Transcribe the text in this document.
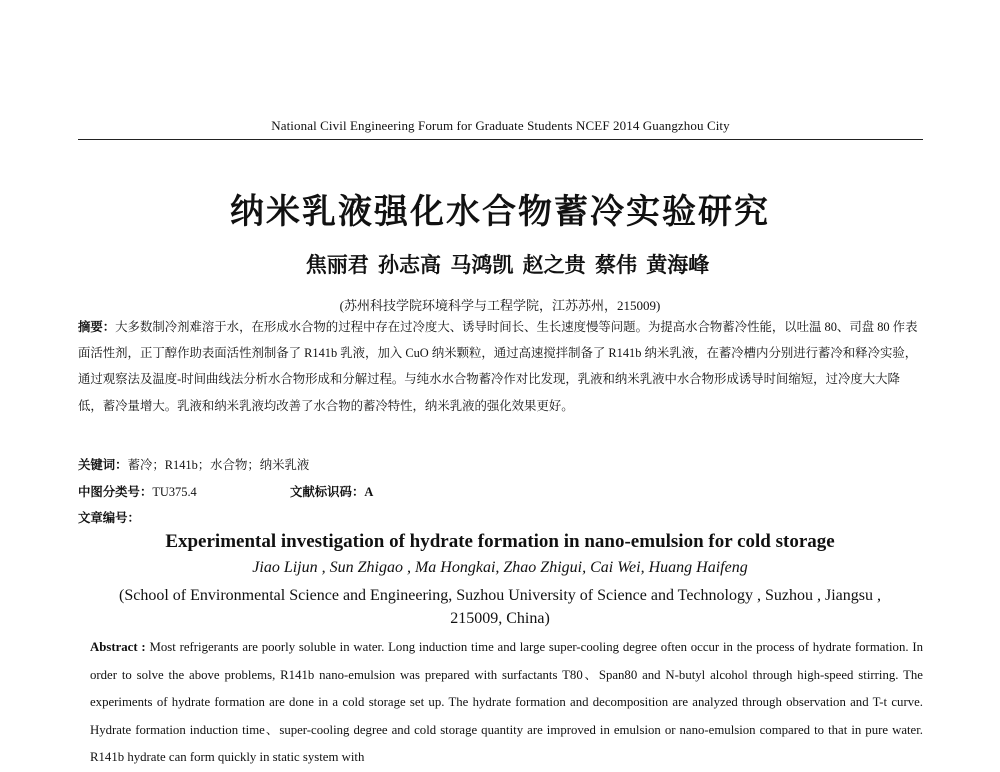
National Civil Engineering Forum for Graduate Students NCEF 2014 Guangzhou City
纳米乳液强化水合物蓄冷实验研究
焦丽君 孙志高 马鸿凯 赵之贵 蔡伟 黄海峰
(苏州科技学院环境科学与工程学院，江苏苏州，215009)
摘要：大多数制冷剂难溶于水，在形成水合物的过程中存在过冷度大、诱导时间长、生长速度慢等问题。为提高水合物蓄冷性能，以吐温 80、司盘 80 作表面活性剂，正丁醇作助表面活性剂制备了 R141b 乳液，加入 CuO 纳米颗粒，通过高速搅拌制备了 R141b 纳米乳液，在蓄冷槽内分别进行蓄冷和释冷实验，通过观察法及温度-时间曲线法分析水合物形成和分解过程。与纯水水合物蓄冷作对比发现，乳液和纳米乳液中水合物形成诱导时间缩短，过冷度大大降低，蓄冷量增大。乳液和纳米乳液均改善了水合物的蓄冷特性，纳米乳液的强化效果更好。
关键词：蓄冷；R141b；水合物；纳米乳液
中图分类号：TU375.4	文献标识码：A
文章编号：
Experimental investigation of hydrate formation in nano-emulsion for cold storage
Jiao Lijun , Sun Zhigao , Ma Hongkai, Zhao Zhigui, Cai Wei, Huang Haifeng
(School of Environmental Science and Engineering, Suzhou University of Science and Technology , Suzhou , Jiangsu , 215009, China)
Abstract : Most refrigerants are poorly soluble in water. Long induction time and large super-cooling degree often occur in the process of hydrate formation. In order to solve the above problems, R141b nano-emulsion was prepared with surfactants T80、Span80 and N-butyl alcohol through high-speed stirring. The experiments of hydrate formation are done in a cold storage set up. The hydrate formation and decomposition are analyzed through observation and T-t curve. Hydrate formation induction time、super-cooling degree and cold storage quantity are improved in emulsion or nano-emulsion compared to that in pure water. R141b hydrate can form quickly in static system with
